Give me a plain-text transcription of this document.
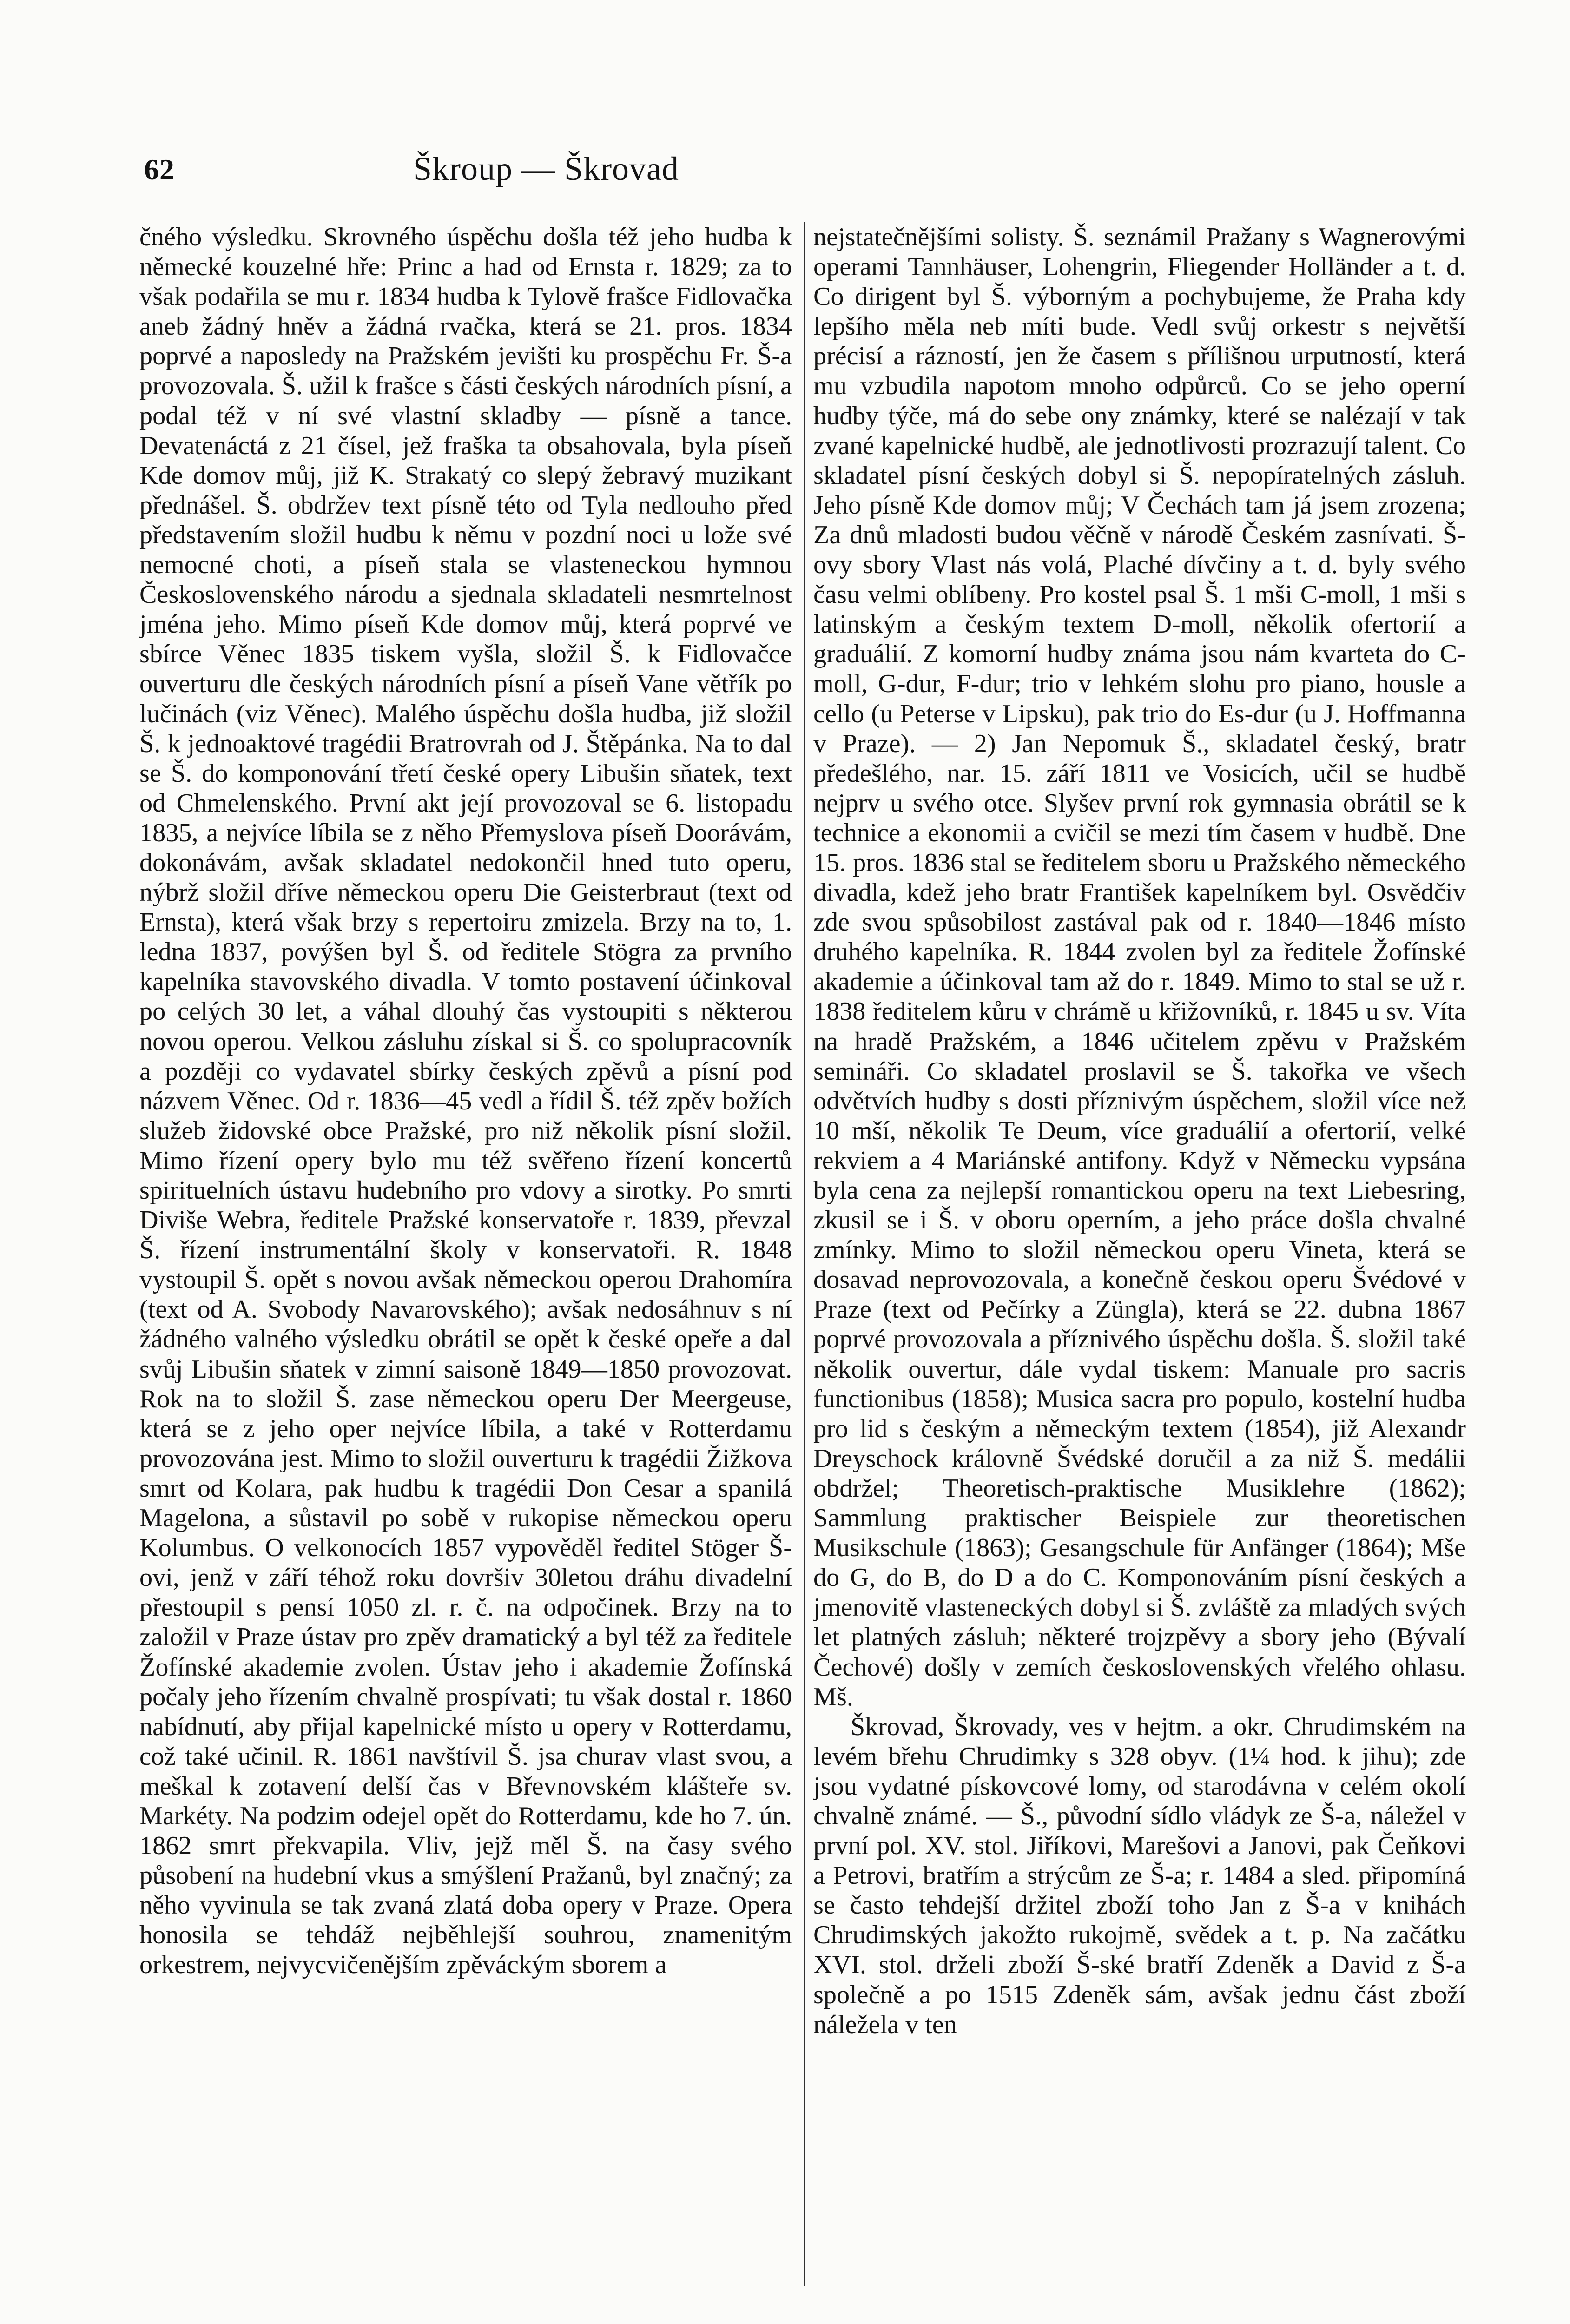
62	Škroup — Škrovad

čného výsledku. Skrovného úspěchu došla též jeho hudba k německé kouzelné hře: Princ a had od Ernsta r. 1829; za to však podařila se mu r. 1834 hudba k Tylově frašce Fidlovačka aneb žádný hněv a žádná rvačka, která se 21. pros. 1834 poprvé a naposledy na Pražském jevišti ku prospěchu Fr. Š-a provozovala. Š. užil k frašce s části českých národních písní, a podal též v ní své vlastní skladby — písně a tance. Devatenáctá z 21 čísel, jež fraška ta obsahovala, byla píseň Kde domov můj, již K. Strakatý co slepý žebravý muzikant přednášel. Š. obdržev text písně této od Tyla nedlouho před představením složil hudbu k němu v pozdní noci u lože své nemocné choti, a píseň stala se vlasteneckou hymnou Československého národu a sjednala skladateli nesmrtelnost jména jeho. Mimo píseň Kde domov můj, která poprvé ve sbírce Věnec 1835 tiskem vyšla, složil Š. k Fidlovačce ouverturu dle českých národních písní a píseň Vane větřík po lučinách (viz Věnec). Malého úspěchu došla hudba, již složil Š. k jednoaktové tragédii Bratrovrah od J. Štěpánka. Na to dal se Š. do komponování třetí české opery Libušin sňatek, text od Chmelenského. První akt její provozoval se 6. listopadu 1835, a nejvíce líbila se z něho Přemyslova píseň Doorávám, dokonávám, avšak skladatel nedokončil hned tuto operu, nýbrž složil dříve německou operu Die Geisterbraut (text od Ernsta), která však brzy s repertoiru zmizela. Brzy na to, 1. ledna 1837, povýšen byl Š. od ředitele Stögra za prvního kapelníka stavovského divadla. V tomto postavení účinkoval po celých 30 let, a váhal dlouhý čas vystoupiti s některou novou operou. Velkou zásluhu získal si Š. co spolupracovník a později co vydavatel sbírky českých zpěvů a písní pod názvem Věnec. Od r. 1836—45 vedl a řídil Š. též zpěv božích služeb židovské obce Pražské, pro niž několik písní složil. Mimo řízení opery bylo mu též svěřeno řízení koncertů spirituelních ústavu hudebního pro vdovy a sirotky. Po smrti Diviše Webra, ředitele Pražské konservatoře r. 1839, převzal Š. řízení instrumentální školy v konservatoři. R. 1848 vystoupil Š. opět s novou avšak německou operou Drahomíra (text od A. Svobody Navarovského); avšak nedosáhnuv s ní žádného valného výsledku obrátil se opět k české opeře a dal svůj Libušin sňatek v zimní saisoně 1849—1850 provozovat. Rok na to složil Š. zase německou operu Der Meergeuse, která se z jeho oper nejvíce líbila, a také v Rotterdamu provozována jest. Mimo to složil ouverturu k tragédii Žižkova smrt od Kolara, pak hudbu k tragédii Don Cesar a spanilá Magelona, a sůstavil po sobě v rukopise německou operu Kolumbus. O velkonocích 1857 vypověděl ředitel Stöger Š-ovi, jenž v září téhož roku dovršiv 30letou dráhu divadelní přestoupil s pensí 1050 zl. r. č. na odpočinek. Brzy na to založil v Praze ústav pro zpěv dramatický a byl též za ředitele Žofínské akademie zvolen. Ústav jeho i akademie Žofínská počaly jeho řízením chvalně prospívati; tu však dostal r. 1860 nabídnutí, aby přijal kapelnické místo u opery v Rotterdamu, což také učinil. R. 1861 navštívil Š. jsa churav vlast svou, a meškal k zotavení delší čas v Břevnovském klášteře sv. Markéty. Na podzim odejel opět do Rotterdamu, kde ho 7. ún. 1862 smrt překvapila. Vliv, jejž měl Š. na časy svého působení na hudební vkus a smýšlení Pražanů, byl značný; za něho vyvinula se tak zvaná zlatá doba opery v Praze. Opera honosila se tehdáž nejběhlejší souhrou, znamenitým orkestrem, nejvycvičenějším zpěváckým sborem a

nejstatečnějšími solisty. Š. seznámil Pražany s Wagnerovými operami Tannhäuser, Lohengrin, Fliegender Holländer a t. d. Co dirigent byl Š. výborným a pochybujeme, že Praha kdy lepšího měla neb míti bude. Vedl svůj orkestr s největší précisí a rázností, jen že časem s přílišnou urputností, která mu vzbudila napotom mnoho odpůrců. Co se jeho operní hudby týče, má do sebe ony známky, které se nalézají v tak zvané kapelnické hudbě, ale jednotlivosti prozrazují talent. Co skladatel písní českých dobyl si Š. nepopíratelných zásluh. Jeho písně Kde domov můj; V Čechách tam já jsem zrozena; Za dnů mladosti budou věčně v národě Českém zasnívati. Š-ovy sbory Vlast nás volá, Plaché dívčiny a t. d. byly svého času velmi oblíbeny. Pro kostel psal Š. 1 mši C-moll, 1 mši s latinským a českým textem D-moll, několik ofertorií a graduálií. Z komorní hudby známa jsou nám kvarteta do C-moll, G-dur, F-dur; trio v lehkém slohu pro piano, housle a cello (u Peterse v Lipsku), pak trio do Es-dur (u J. Hoffmanna v Praze). — 2) Jan Nepomuk Š., skladatel český, bratr předešlého, nar. 15. září 1811 ve Vosicích, učil se hudbě nejprv u svého otce. Slyšev první rok gymnasia obrátil se k technice a ekonomii a cvičil se mezi tím časem v hudbě. Dne 15. pros. 1836 stal se ředitelem sboru u Pražského německého divadla, kdež jeho bratr František kapelníkem byl. Osvědčiv zde svou spůsobilost zastával pak od r. 1840—1846 místo druhého kapelníka. R. 1844 zvolen byl za ředitele Žofínské akademie a účinkoval tam až do r. 1849. Mimo to stal se už r. 1838 ředitelem kůru v chrámě u křižovníků, r. 1845 u sv. Víta na hradě Pražském, a 1846 učitelem zpěvu v Pražském semináři. Co skladatel proslavil se Š. takořka ve všech odvětvích hudby s dosti příznivým úspěchem, složil více než 10 mší, několik Te Deum, více graduálií a ofertorií, velké rekviem a 4 Mariánské antifony. Když v Německu vypsána byla cena za nejlepší romantickou operu na text Liebesring, zkusil se i Š. v oboru operním, a jeho práce došla chvalné zmínky. Mimo to složil německou operu Vineta, která se dosavad neprovozovala, a konečně českou operu Švédové v Praze (text od Pečírky a Züngla), která se 22. dubna 1867 poprvé provozovala a příznivého úspěchu došla. Š. složil také několik ouvertur, dále vydal tiskem: Manuale pro sacris functionibus (1858); Musica sacra pro populo, kostelní hudba pro lid s českým a německým textem (1854), již Alexandr Dreyschock královně Švédské doručil a za niž Š. medálii obdržel; Theoretisch-praktische Musiklehre (1862); Sammlung praktischer Beispiele zur theoretischen Musikschule (1863); Gesangschule für Anfänger (1864); Mše do G, do B, do D a do C. Komponováním písní českých a jmenovitě vlasteneckých dobyl si Š. zvláště za mladých svých let platných zásluh; některé trojzpěvy a sbory jeho (Bývalí Čechové) došly v zemích československých vřelého ohlasu. Mš.

Škrovad, Škrovady, ves v hejtm. a okr. Chrudimském na levém břehu Chrudimky s 328 obyv. (1¼ hod. k jihu); zde jsou vydatné pískovcové lomy, od starodávna v celém okolí chvalně známé. — Š., původní sídlo vládyk ze Š-a, náležel v první pol. XV. stol. Jiříkovi, Marešovi a Janovi, pak Čeňkovi a Petrovi, bratřím a strýcům ze Š-a; r. 1484 a sled. připomíná se často tehdejší držitel zboží toho Jan z Š-a v knihách Chrudimských jakožto rukojmě, svědek a t. p. Na začátku XVI. stol. drželi zboží Š-ské bratří Zdeněk a David z Š-a společně a po 1515 Zdeněk sám, avšak jednu část zboží náležela v ten
